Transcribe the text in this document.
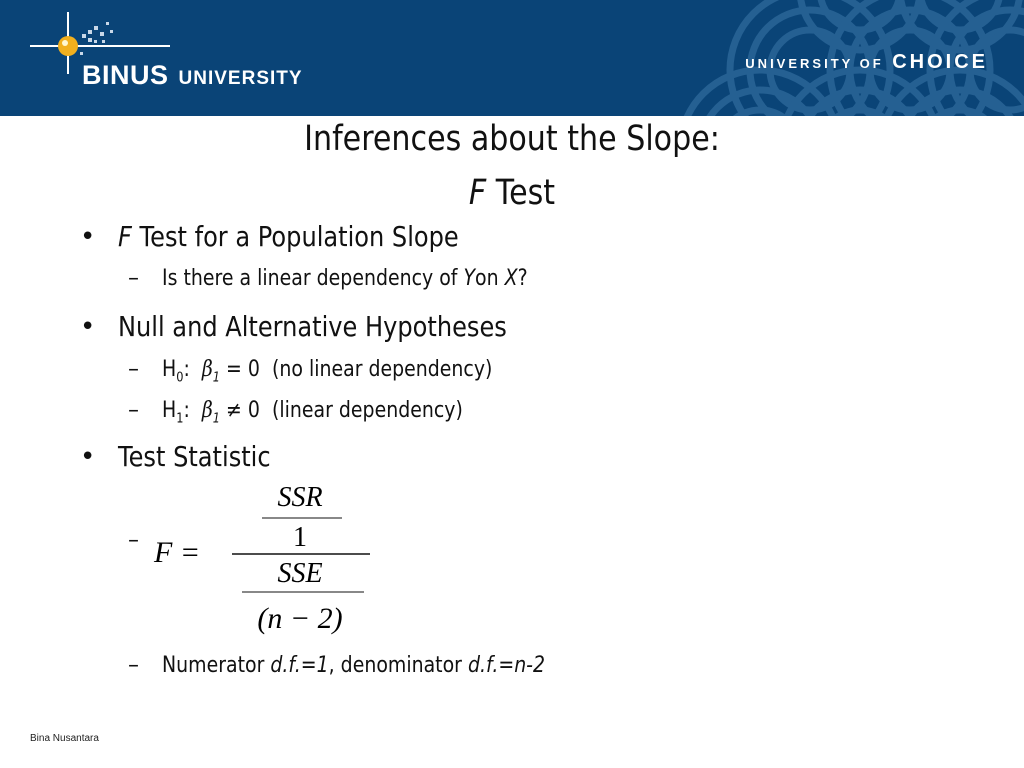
BINUS UNIVERSITY
UNIVERSITY OF CHOICE
Inferences about the Slope:
F Test
• F Test for a Population Slope
– Is there a linear dependency of Yon X?
• Null and Alternative Hypotheses
– $H_0$: $\beta_1 = 0$ (no linear dependency)
– $H_1$: $\beta_1 \ne 0$ (linear dependency)
• Test Statistic
– F =
SSR
1
SSE
(n − 2)
– Numerator d.f.=1, denominator d.f.=n-2
Bina Nusantara
